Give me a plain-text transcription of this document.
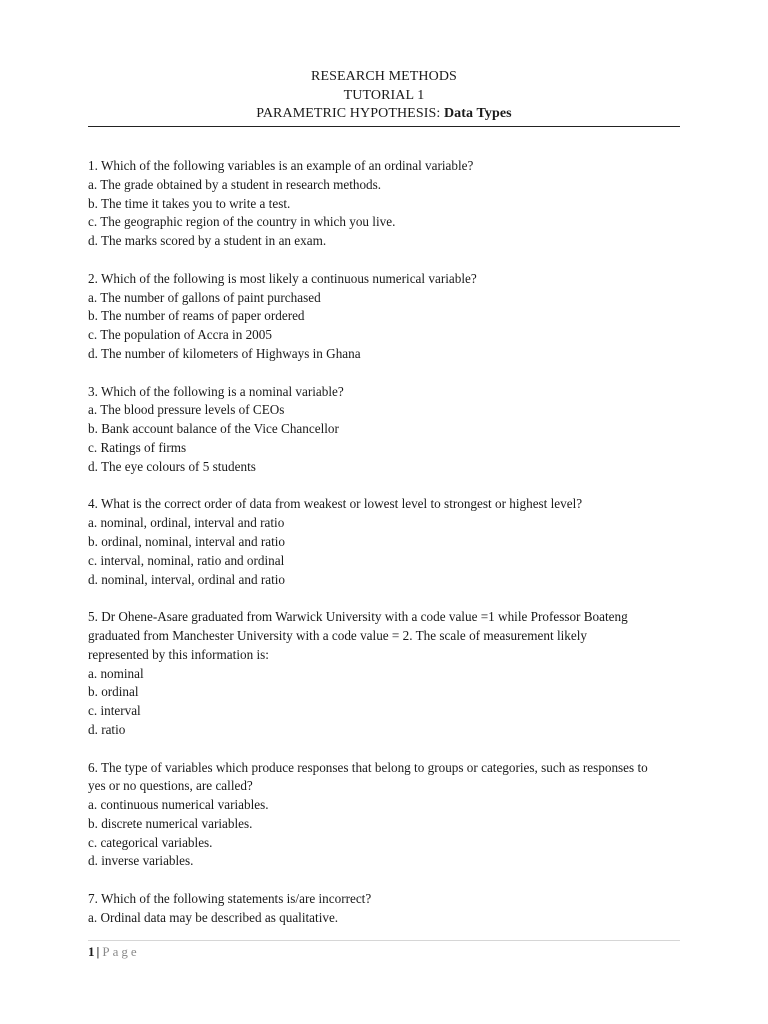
RESEARCH METHODS
TUTORIAL 1
PARAMETRIC HYPOTHESIS: Data Types

1. Which of the following variables is an example of an ordinal variable?

a. The grade obtained by a student in research methods.

b. The time it takes you to write a test.

c. The geographic region of the country in which you live.

d. The marks scored by a student in an exam.

2. Which of the following is most likely a continuous numerical variable?

a. The number of gallons of paint purchased

b. The number of reams of paper ordered

c. The population of Accra in 2005

d. The number of kilometers of Highways in Ghana

3. Which of the following is a nominal variable?

a. The blood pressure levels of CEOs

b. Bank account balance of the Vice Chancellor

c. Ratings of firms

d. The eye colours of 5 students

4. What is the correct order of data from weakest or lowest level to strongest or highest level?

a. nominal, ordinal, interval and ratio

b. ordinal, nominal, interval and ratio

c. interval, nominal, ratio and ordinal

d. nominal, interval, ordinal and ratio

5. Dr Ohene-Asare graduated from Warwick University with a code value =1 while Professor Boateng graduated from Manchester University with a code value = 2. The scale of measurement likely represented by this information is:

a. nominal

b. ordinal

c. interval

d. ratio

6. The type of variables which produce responses that belong to groups or categories, such as responses to yes or no questions, are called?

a. continuous numerical variables.

b. discrete numerical variables.

c. categorical variables.

d. inverse variables.

7. Which of the following statements is/are incorrect?

a. Ordinal data may be described as qualitative.

1 | Page
